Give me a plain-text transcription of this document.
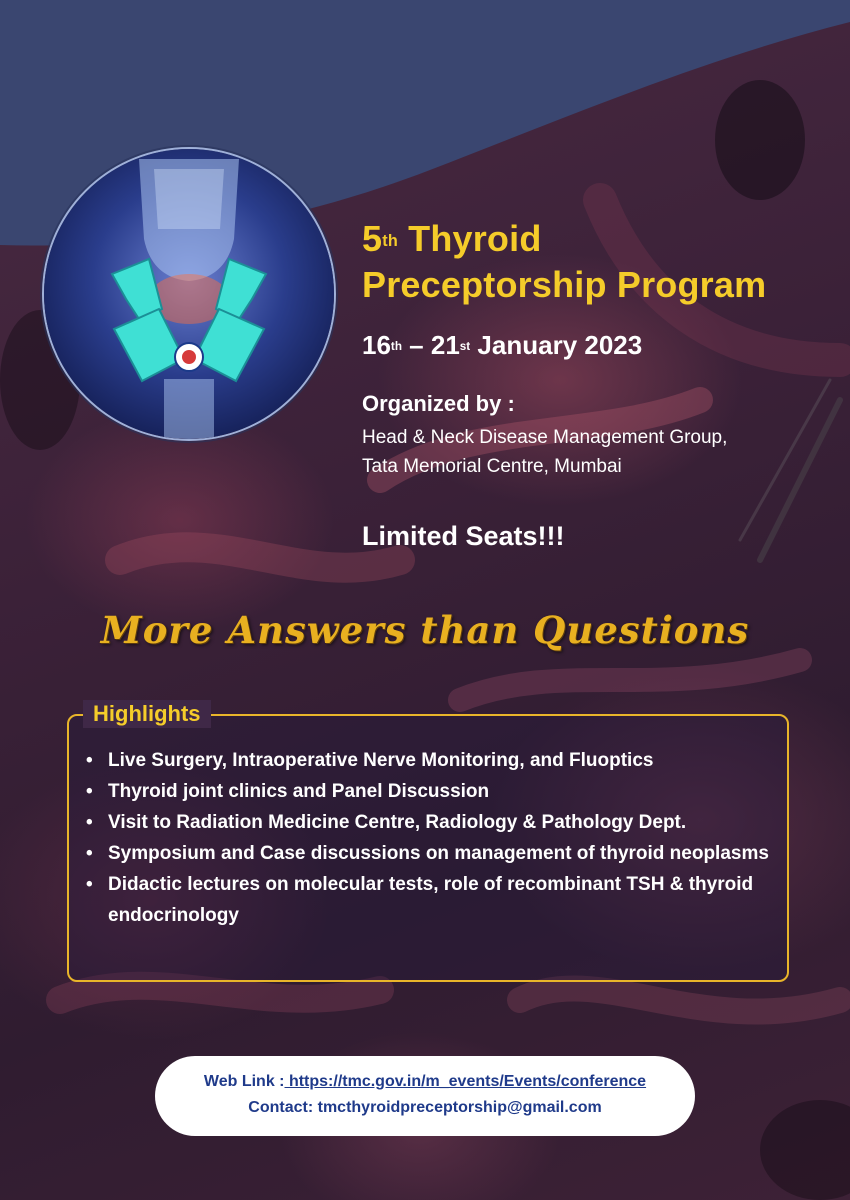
5th Thyroid
Preceptorship Program
16th – 21st January 2023
Organized by :
Head & Neck Disease Management Group,
Tata Memorial Centre, Mumbai
Limited Seats!!!
More Answers than Questions
Highlights
• Live Surgery, Intraoperative Nerve Monitoring, and Fluoptics
• Thyroid joint clinics and Panel Discussion
• Visit to Radiation Medicine Centre, Radiology & Pathology Dept.
• Symposium and Case discussions on management of thyroid neoplasms
• Didactic lectures on molecular tests, role of recombinant TSH & thyroid endocrinology
Web Link : https://tmc.gov.in/m_events/Events/conference
Contact: tmcthyroidpreceptorship@gmail.com
